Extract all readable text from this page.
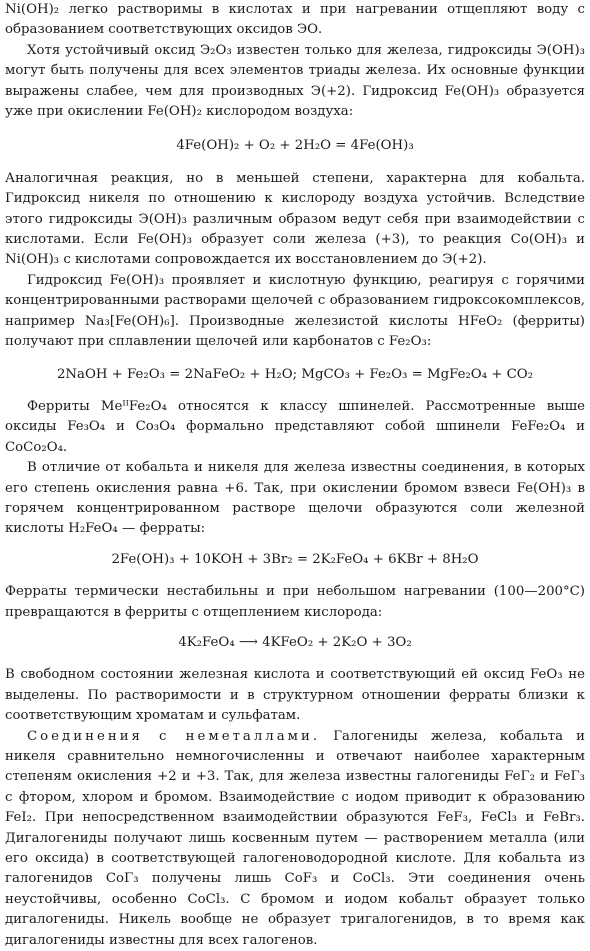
Ni(OH)₂ легко растворимы в кислотах и при нагревании отщепляют воду с образованием соответствующих оксидов ЭО.

Хотя устойчивый оксид Э₂O₃ известен только для железа, гидроксиды Э(OH)₃ могут быть получены для всех элементов триады железа. Их основные функции выражены слабее, чем для производных Э(+2). Гидроксид Fe(OH)₃ образуется уже при окислении Fe(OH)₂ кислородом воздуха:

4Fe(OH)₂ + O₂ + 2H₂O = 4Fe(OH)₃

Аналогичная реакция, но в меньшей степени, характерна для кобальта. Гидроксид никеля по отношению к кислороду воздуха устойчив. Вследствие этого гидроксиды Э(OH)₃ различным образом ведут себя при взаимодействии с кислотами. Если Fe(OH)₃ образует соли железа (+3), то реакция Co(OH)₃ и Ni(OH)₃ с кислотами сопровождается их восстановлением до Э(+2).

Гидроксид Fe(OH)₃ проявляет и кислотную функцию, реагируя с горячими концентрированными растворами щелочей с образованием гидроксокомплексов, например Na₃[Fe(OH)₆]. Производные железистой кислоты HFeO₂ (ферриты) получают при сплавлении щелочей или карбонатов с Fe₂O₃:

2NaOH + Fe₂O₃ = 2NaFeO₂ + H₂O; MgCO₃ + Fe₂O₃ = MgFe₂O₄ + CO₂

Ферриты MeᴵᴵFe₂O₄ относятся к классу шпинелей. Рассмотренные выше оксиды Fe₃O₄ и Co₃O₄ формально представляют собой шпинели FeFe₂O₄ и CoCo₂O₄.

В отличие от кобальта и никеля для железа известны соединения, в которых его степень окисления равна +6. Так, при окислении бромом взвеси Fe(OH)₃ в горячем концентрированном растворе щелочи образуются соли железной кислоты H₂FeO₄ — ферраты:

2Fe(OH)₃ + 10KOH + 3Br₂ = 2K₂FeO₄ + 6KBr + 8H₂O

Ферраты термически нестабильны и при небольшом нагревании (100—200°C) превращаются в ферриты с отщеплением кислорода:

4K₂FeO₄ ⟶ 4KFeO₂ + 2K₂O + 3O₂

В свободном состоянии железная кислота и соответствующий ей оксид FeO₃ не выделены. По растворимости и в структурном отношении ферраты близки к соответствующим хроматам и сульфатам.

Соединения с неметаллами. Галогениды железа, кобальта и никеля сравнительно немногочисленны и отвечают наиболее характерным степеням окисления +2 и +3. Так, для железа известны галогениды FeΓ₂ и FeΓ₃ с фтором, хлором и бромом. Взаимодействие с иодом приводит к образованию FeI₂. При непосредственном взаимодействии образуются FeF₃, FeCl₃ и FeBr₃. Дигалогениды получают лишь косвенным путем — растворением металла (или его оксида) в соответствующей галогеноводородной кислоте. Для кобальта из галогенидов CoΓ₃ получены лишь CoF₃ и CoCl₃. Эти соединения очень неустойчивы, особенно CoCl₃. С бромом и иодом кобальт образует только дигалогениды. Никель вообще не образует тригалогенидов, в то время как дигалогениды известны для всех галогенов.
